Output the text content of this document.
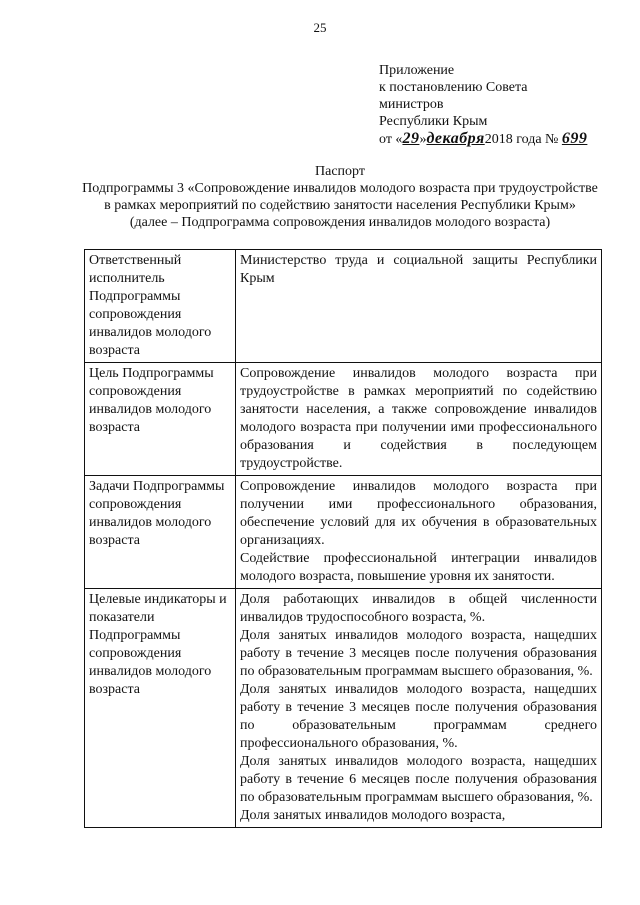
25
Приложение
к постановлению Совета
министров
Республики Крым
от «29»декабря2018 года № 699
Паспорт
Подпрограммы 3 «Сопровождение инвалидов молодого возраста при трудоустройстве в рамках мероприятий по содействию занятости населения Республики Крым»
(далее – Подпрограмма сопровождения инвалидов молодого возраста)
Ответственный исполнитель Подпрограммы сопровождения инвалидов молодого возраста	Министерство труда и социальной защиты Республики Крым

Цель Подпрограммы сопровождения инвалидов молодого возраста	Сопровождение инвалидов молодого возраста при трудоустройстве в рамках мероприятий по содействию занятости населения, а также сопровождение инвалидов молодого возраста при получении ими профессионального образования и содействия в последующем трудоустройстве.

Задачи Подпрограммы сопровождения инвалидов молодого возраста	Сопровождение инвалидов молодого возраста при получении ими профессионального образования, обеспечение условий для их обучения в образовательных организациях.

Содействие профессиональной интеграции инвалидов молодого возраста, повышение уровня их занятости.

Целевые индикаторы и показатели Подпрограммы сопровождения инвалидов молодого возраста	Доля работающих инвалидов в общей численности инвалидов трудоспособного возраста, %.

Доля занятых инвалидов молодого возраста, нащедших работу в течение 3 месяцев после получения образования по образовательным программам высшего образования, %.

Доля занятых инвалидов молодого возраста, нащедших работу в течение 3 месяцев после получения образования по образовательным программам среднего профессионального образования, %.

Доля занятых инвалидов молодого возраста, нащедших работу в течение 6 месяцев после получения образования по образовательным программам высшего образования, %.

Доля занятых инвалидов молодого возраста,
